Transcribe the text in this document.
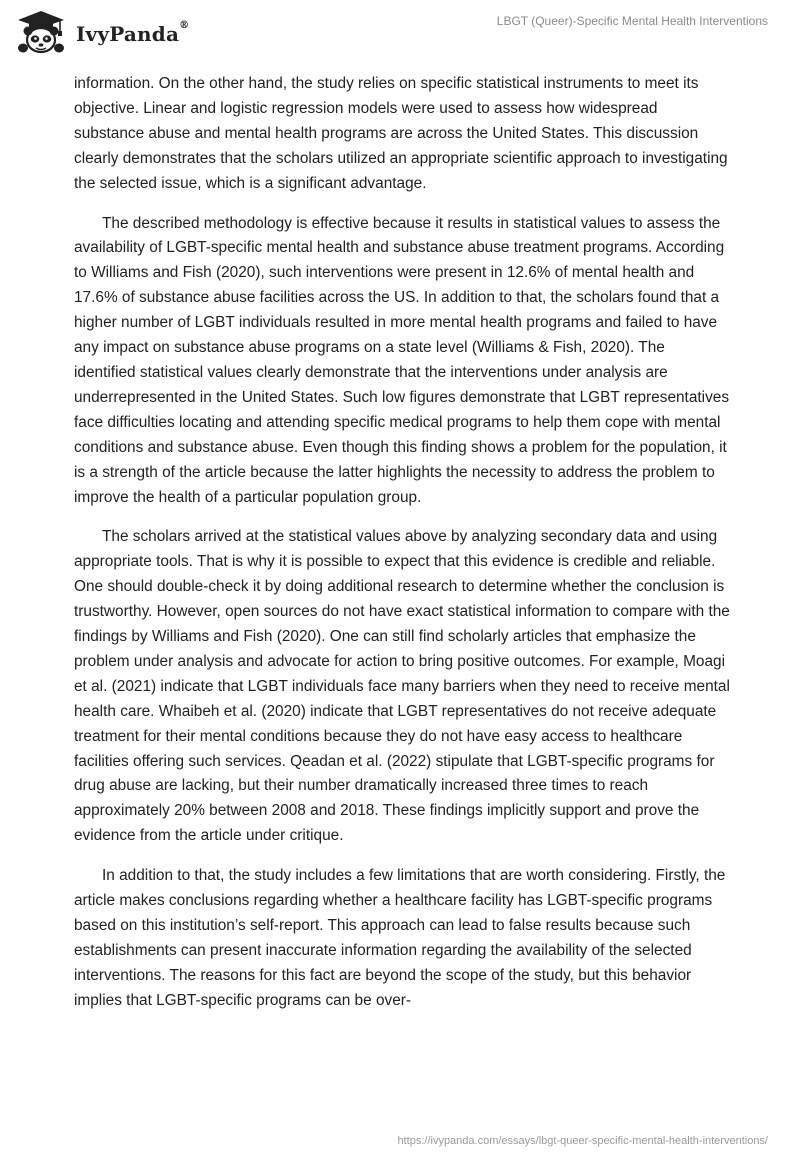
IvyPanda®	LBGT (Queer)-Specific Mental Health Interventions

information. On the other hand, the study relies on specific statistical instruments to meet its objective. Linear and logistic regression models were used to assess how widespread substance abuse and mental health programs are across the United States. This discussion clearly demonstrates that the scholars utilized an appropriate scientific approach to investigating the selected issue, which is a significant advantage.

The described methodology is effective because it results in statistical values to assess the availability of LGBT-specific mental health and substance abuse treatment programs. According to Williams and Fish (2020), such interventions were present in 12.6% of mental health and 17.6% of substance abuse facilities across the US. In addition to that, the scholars found that a higher number of LGBT individuals resulted in more mental health programs and failed to have any impact on substance abuse programs on a state level (Williams & Fish, 2020). The identified statistical values clearly demonstrate that the interventions under analysis are underrepresented in the United States. Such low figures demonstrate that LGBT representatives face difficulties locating and attending specific medical programs to help them cope with mental conditions and substance abuse. Even though this finding shows a problem for the population, it is a strength of the article because the latter highlights the necessity to address the problem to improve the health of a particular population group.

The scholars arrived at the statistical values above by analyzing secondary data and using appropriate tools. That is why it is possible to expect that this evidence is credible and reliable. One should double-check it by doing additional research to determine whether the conclusion is trustworthy. However, open sources do not have exact statistical information to compare with the findings by Williams and Fish (2020). One can still find scholarly articles that emphasize the problem under analysis and advocate for action to bring positive outcomes. For example, Moagi et al. (2021) indicate that LGBT individuals face many barriers when they need to receive mental health care. Whaibeh et al. (2020) indicate that LGBT representatives do not receive adequate treatment for their mental conditions because they do not have easy access to healthcare facilities offering such services. Qeadan et al. (2022) stipulate that LGBT-specific programs for drug abuse are lacking, but their number dramatically increased three times to reach approximately 20% between 2008 and 2018. These findings implicitly support and prove the evidence from the article under critique.

In addition to that, the study includes a few limitations that are worth considering. Firstly, the article makes conclusions regarding whether a healthcare facility has LGBT-specific programs based on this institution’s self-report. This approach can lead to false results because such establishments can present inaccurate information regarding the availability of the selected interventions. The reasons for this fact are beyond the scope of the study, but this behavior implies that LGBT-specific programs can be over-

https://ivypanda.com/essays/lbgt-queer-specific-mental-health-interventions/
